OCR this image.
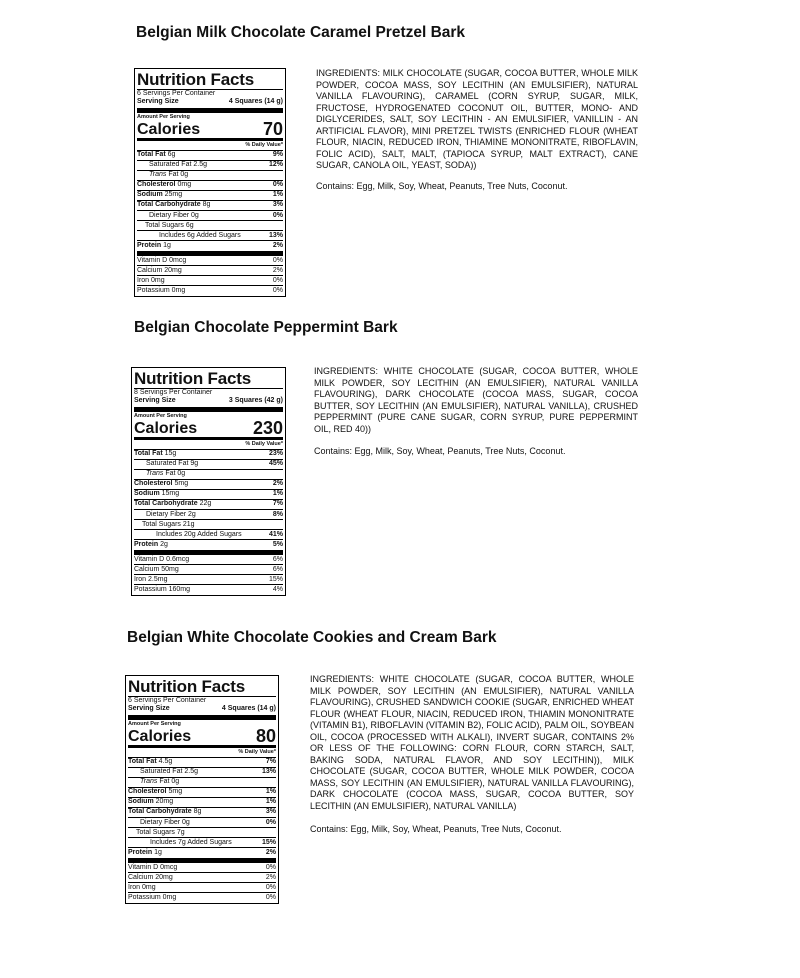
Belgian Milk Chocolate Caramel Pretzel Bark
Nutrition Facts
6 Servings Per Container
Serving Size	4 Squares (14 g)
Amount Per Serving
Calories	70
% Daily Value*
Total Fat 6g	9%
Saturated Fat 2.5g	12%
Trans Fat 0g
Cholesterol 0mg	0%
Sodium 25mg	1%
Total Carbohydrate 8g	3%
Dietary Fiber 0g	0%
Total Sugars 6g
Includes 6g Added Sugars	13%
Protein 1g	2%
Vitamin D 0mcg	0%
Calcium 20mg	2%
Iron 0mg	0%
Potassium 0mg	0%
INGREDIENTS: MILK CHOCOLATE (SUGAR, COCOA BUTTER, WHOLE MILK POWDER, COCOA MASS, SOY LECITHIN (AN EMULSIFIER), NATURAL VANILLA FLAVOURING), CARAMEL (CORN SYRUP, SUGAR, MILK, FRUCTOSE, HYDROGENATED COCONUT OIL, BUTTER, MONO- AND DIGLYCERIDES, SALT, SOY LECITHIN - AN EMULSIFIER, VANILLIN - AN ARTIFICIAL FLAVOR), MINI PRETZEL TWISTS (ENRICHED FLOUR (WHEAT FLOUR, NIACIN, REDUCED IRON, THIAMINE MONONITRATE, RIBOFLAVIN, FOLIC ACID), SALT, MALT, (TAPIOCA SYRUP, MALT EXTRACT), CANE SUGAR, CANOLA OIL, YEAST, SODA))
Contains: Egg, Milk, Soy, Wheat, Peanuts, Tree Nuts, Coconut.
Belgian Chocolate Peppermint Bark
Nutrition Facts
8 Servings Per Container
Serving Size	3 Squares (42 g)
Amount Per Serving
Calories	230
% Daily Value*
Total Fat 15g	23%
Saturated Fat 9g	45%
Trans Fat 0g
Cholesterol 5mg	2%
Sodium 15mg	1%
Total Carbohydrate 22g	7%
Dietary Fiber 2g	8%
Total Sugars 21g
Includes 20g Added Sugars	41%
Protein 2g	5%
Vitamin D 0.6mcg	6%
Calcium 50mg	6%
Iron 2.5mg	15%
Potassium 160mg	4%
INGREDIENTS: WHITE CHOCOLATE (SUGAR, COCOA BUTTER, WHOLE MILK POWDER, SOY LECITHIN (AN EMULSIFIER), NATURAL VANILLA FLAVOURING), DARK CHOCOLATE (COCOA MASS, SUGAR, COCOA BUTTER, SOY LECITHIN (AN EMULSIFIER), NATURAL VANILLA), CRUSHED PEPPERMINT (PURE CANE SUGAR, CORN SYRUP, PURE PEPPERMINT OIL, RED 40))
Contains: Egg, Milk, Soy, Wheat, Peanuts, Tree Nuts, Coconut.
Belgian White Chocolate Cookies and Cream Bark
Nutrition Facts
6 Servings Per Container
Serving Size	4 Squares (14 g)
Amount Per Serving
Calories	80
% Daily Value*
Total Fat 4.5g	7%
Saturated Fat 2.5g	13%
Trans Fat 0g
Cholesterol 5mg	1%
Sodium 20mg	1%
Total Carbohydrate 8g	3%
Dietary Fiber 0g	0%
Total Sugars 7g
Includes 7g Added Sugars	15%
Protein 1g	2%
Vitamin D 0mcg	0%
Calcium 20mg	2%
Iron 0mg	0%
Potassium 0mg	0%
INGREDIENTS: WHITE CHOCOLATE (SUGAR, COCOA BUTTER, WHOLE MILK POWDER, SOY LECITHIN (AN EMULSIFIER), NATURAL VANILLA FLAVOURING), CRUSHED SANDWICH COOKIE (SUGAR, ENRICHED WHEAT FLOUR (WHEAT FLOUR, NIACIN, REDUCED IRON, THIAMIN MONONITRATE (VITAMIN B1), RIBOFLAVIN (VITAMIN B2), FOLIC ACID), PALM OIL, SOYBEAN OIL, COCOA (PROCESSED WITH ALKALI), INVERT SUGAR, CONTAINS 2% OR LESS OF THE FOLLOWING: CORN FLOUR, CORN STARCH, SALT, BAKING SODA, NATURAL FLAVOR, AND SOY LECITHIN)), MILK CHOCOLATE (SUGAR, COCOA BUTTER, WHOLE MILK POWDER, COCOA MASS, SOY LECITHIN (AN EMULSIFIER), NATURAL VANILLA FLAVOURING), DARK CHOCOLATE (COCOA MASS, SUGAR, COCOA BUTTER, SOY LECITHIN (AN EMULSIFIER), NATURAL VANILLA)
Contains: Egg, Milk, Soy, Wheat, Peanuts, Tree Nuts, Coconut.
